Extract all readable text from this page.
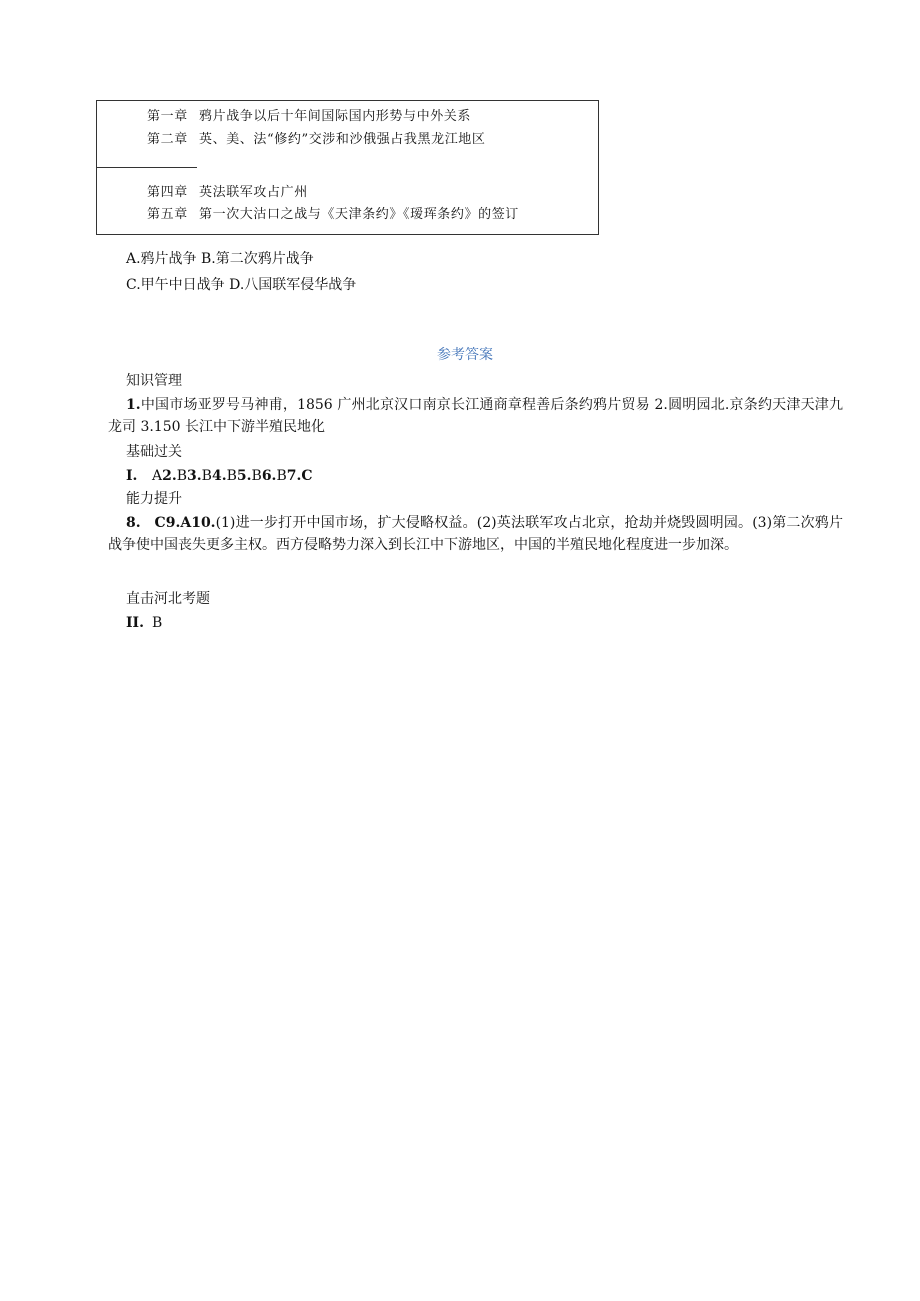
第一章 鸦片战争以后十年间国际国内形势与中外关系
第二章 英、美、法“修约”交涉和沙俄强占我黑龙江地区
第四章 英法联军攻占广州
第五章 第一次大沽口之战与《天津条约》《瑷珲条约》的签订
A.鸦片战争 B.第二次鸦片战争
C.甲午中日战争 D.八国联军侵华战争
参考答案
知识管理
1.中国市场亚罗号马神甫，1856 广州北京汉口南京长江通商章程善后条约鸦片贸易 2.圆明园北.京条约天津天津九龙司 3.150 长江中下游半殖民地化
基础过关
I. A2.B3.B4.B5.B6.B7.C
能力提升
8. C9.A10.(1)进一步打开中国市场，扩大侵略权益。(2)英法联军攻占北京，抢劫并烧毁圆明园。(3)第二次鸦片战争使中国丧失更多主权。西方侵略势力深入到长江中下游地区，中国的半殖民地化程度进一步加深。
直击河北考题
II. B
